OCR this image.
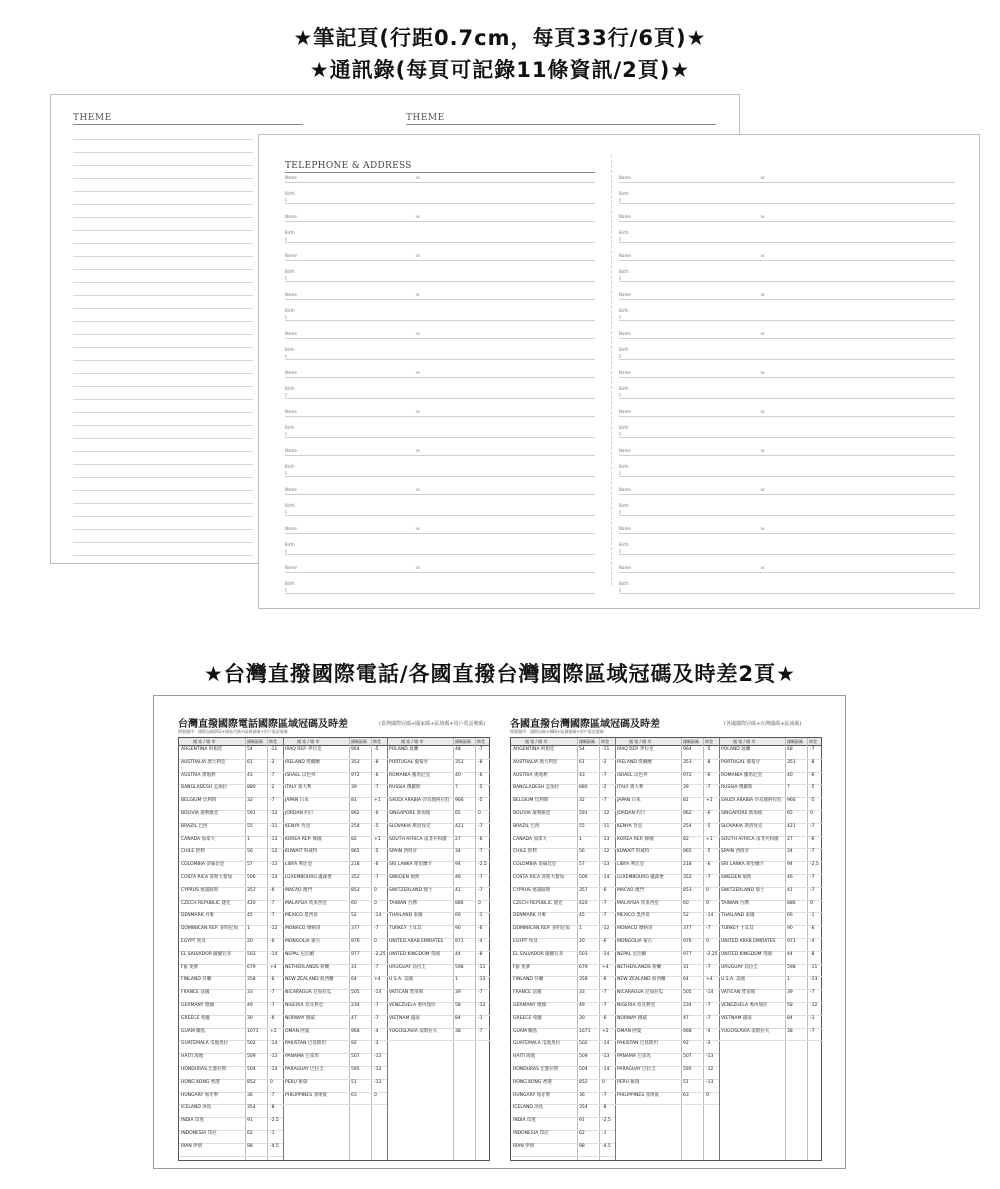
★筆記頁(行距0.7cm，每頁33行/6頁)★
★通訊錄(每頁可記錄11條資訊/2頁)★
★台灣直撥國際電話/各國直撥台灣國際區域冠碼及時差2頁★
THEME	THEME
TELEPHONE & ADDRESS
Name	☏
Birth
▯
Name	☏
Birth
▯
Name	☏
Birth
▯
Name	☏
Birth
▯
Name	☏
Birth
▯
Name	☏
Birth
▯
Name	☏
Birth
▯
Name	☏
Birth
▯
Name	☏
Birth
▯
Name	☏
Birth
▯
Name	☏
Birth
▯
Name	☏
Birth
▯
Name	☏
Birth
▯
Name	☏
Birth
▯
Name	☏
Birth
▯
Name	☏
Birth
▯
Name	☏
Birth
▯
Name	☏
Birth
▯
Name	☏
Birth
▯
Name	☏
Birth
▯
Name	☏
Birth
▯
Name	☏
Birth
▯
台灣直撥國際電話國際區域冠碼及時差	(臺灣國際冠碼+國家碼+區域碼+用戶電話號碼)
撥號順序：國際冠碼002+國家代碼+區域號碼+用戶電話號碼
各國直撥台灣國際區域冠碼及時差	(各國國際冠碼+台灣國碼+區域碼)
撥號順序：國際冠碼+886+區域號碼+用戶電話號碼
國 家 / 城 市	國碼區碼 時差	國 家 / 城 市	國碼區碼 時差	國 家 / 城 市	國碼區碼 時差
ARGENTINA 阿根廷	54	-11
AUSTRALIA 澳大利亞	61	-2
AUSTRIA 奧地利	43	-7
BANGLADESH 孟加拉	880	-2
BELGIUM 比利時	32	-7
BOLIVIA 玻利維亞	591	-12
BRAZIL 巴西	55	-11
CANADA 加拿大	1	-13
CHILE 智利	56	-12
COLOMBIA 哥倫比亞	57	-13
COSTA RICA 哥斯大黎加	506	-14
CYPRUS 塞浦路斯	357	-6
CZECH REPUBLIC 捷克	420	-7
DENMARK 丹麥	45	-7
DOMINICAN REP. 多明尼加 1	-12
EGYPT 埃及	20	-6
EL SALVADOR 薩爾瓦多	503	-14
FIJI 斐濟	679	+4
FINLAND 芬蘭	358	-6
FRANCE 法國	33	-7
GERMANY 德國	49	-7
GREECE 希臘	30	-6
GUAM 關島	1671	+2
GUATEMALA 瓜地馬拉	502	-14
HAITI 海地	509	-13
HONDURAS 宏都拉斯	504	-14
HONG KONG 香港	852	0
HUNGARY 匈牙利	36	-7
ICELAND 冰島	354	-8
INDIA 印度	91	-2.5
INDONESIA 印尼	62	-1
IRAN 伊朗	98	-4.5
IRAQ REP. 伊拉克	964	-5
IRELAND 愛爾蘭	353	-8
ISRAEL 以色列	972	-6
ITALY 義大利	39	-7
JAPAN 日本	81	+1
JORDAN 約旦	962	-6
KENYA 肯亞	254	-5
KOREA REP. 韓國	82	+1
KUWAIT 科威特	965	-5
LIBYA 利比亞	218	-6
LUXEMBOURG 盧森堡	352	-7
MACAO 澳門	853	0
MALAYSIA 馬來西亞	60	0
MEXICO 墨西哥	52	-14
MONACO 摩納哥	377	-7
MONGOLIA 蒙古	976	0
NEPAL 尼泊爾	977	-2.25
NETHERLANDS 荷蘭	31	-7
NEW ZEALAND 紐西蘭	64	+4
NICARAGUA 尼加拉瓜	505	-14
NIGERIA 奈及利亞	234	-7
NORWAY 挪威	47	-7
OMAN 阿曼	968	-4
PAKISTAN 巴基斯坦	92	-3
PANAMA 巴拿馬	507	-13
PARAGUAY 巴拉圭	595	-12
PERU 秘魯	51	-13
PHILIPPINES 菲律賓	63	0
POLAND 波蘭	48	-7
PORTUGAL 葡萄牙	351	-8
ROMANIA 羅馬尼亞	40	-6
RUSSIA 俄羅斯	7	-5
SAUDI ARABIA 沙烏地阿拉伯 966	-5
SINGAPORE 新加坡	65	0
SLOVAKIA 斯洛伐克	421	-7
SOUTH AFRICA 南非共和國 27	-6
SPAIN 西班牙	34	-7
SRI LANKA 斯里蘭卡	94	-2.5
SWEDEN 瑞典	46	-7
SWITZERLAND 瑞士	41	-7
TAIWAN 台灣	886	0
THAILAND 泰國	66	-1
TURKEY 土耳其	90	-6
UNITED ARAB EMIRATES	971	-4
UNITED KINGDOM 英國	44	-8
URUGUAY 烏拉圭	598	-11
U.S.A. 美國	1	-13
VATICAN 梵蒂岡	39	-7
VENEZUELA 委內瑞拉	58	-12
VIETNAM 越南	84	-1
YUGOSLAVIA 南斯拉夫	38	-7
國 家 / 城 市	國碼區碼 時差	國 家 / 城 市	國碼區碼 時差	國 家 / 城 市	國碼區碼 時差
ARGENTINA 阿根廷	54	-11
AUSTRALIA 澳大利亞	61	-2
AUSTRIA 奧地利	43	-7
BANGLADESH 孟加拉	880	-2
BELGIUM 比利時	32	-7
BOLIVIA 玻利維亞	591	-12
BRAZIL 巴西	55	-11
CANADA 加拿大	1	-13
CHILE 智利	56	-12
COLOMBIA 哥倫比亞	57	-13
COSTA RICA 哥斯大黎加	506	-14
CYPRUS 塞浦路斯	357	-6
CZECH REPUBLIC 捷克	420	-7
DENMARK 丹麥	45	-7
DOMINICAN REP. 多明尼加 1	-12
EGYPT 埃及	20	-6
EL SALVADOR 薩爾瓦多	503	-14
FIJI 斐濟	679	+4
FINLAND 芬蘭	358	-6
FRANCE 法國	33	-7
GERMANY 德國	49	-7
GREECE 希臘	30	-6
GUAM 關島	1671	+2
GUATEMALA 瓜地馬拉	502	-14
HAITI 海地	509	-13
HONDURAS 宏都拉斯	504	-14
HONG KONG 香港	852	0
HUNGARY 匈牙利	36	-7
ICELAND 冰島	354	-8
INDIA 印度	91	-2.5
INDONESIA 印尼	62	-1
IRAN 伊朗	98	-4.5
IRAQ REP. 伊拉克	964	-5
IRELAND 愛爾蘭	353	-8
ISRAEL 以色列	972	-6
ITALY 義大利	39	-7
JAPAN 日本	81	+1
JORDAN 約旦	962	-6
KENYA 肯亞	254	-5
KOREA REP. 韓國	82	+1
KUWAIT 科威特	965	-5
LIBYA 利比亞	218	-6
LUXEMBOURG 盧森堡	352	-7
MACAO 澳門	853	0
MALAYSIA 馬來西亞	60	0
MEXICO 墨西哥	52	-14
MONACO 摩納哥	377	-7
MONGOLIA 蒙古	976	0
NEPAL 尼泊爾	977	-2.25
NETHERLANDS 荷蘭	31	-7
NEW ZEALAND 紐西蘭	64	+4
NICARAGUA 尼加拉瓜	505	-14
NIGERIA 奈及利亞	234	-7
NORWAY 挪威	47	-7
OMAN 阿曼	968	-4
PAKISTAN 巴基斯坦	92	-3
PANAMA 巴拿馬	507	-13
PARAGUAY 巴拉圭	595	-12
PERU 秘魯	51	-13
PHILIPPINES 菲律賓	63	0
POLAND 波蘭	48	-7
PORTUGAL 葡萄牙	351	-8
ROMANIA 羅馬尼亞	40	-6
RUSSIA 俄羅斯	7	-5
SAUDI ARABIA 沙烏地阿拉伯 966	-5
SINGAPORE 新加坡	65	0
SLOVAKIA 斯洛伐克	421	-7
SOUTH AFRICA 南非共和國 27	-6
SPAIN 西班牙	34	-7
SRI LANKA 斯里蘭卡	94	-2.5
SWEDEN 瑞典	46	-7
SWITZERLAND 瑞士	41	-7
TAIWAN 台灣	886	0
THAILAND 泰國	66	-1
TURKEY 土耳其	90	-6
UNITED ARAB EMIRATES	971	-4
UNITED KINGDOM 英國	44	-8
URUGUAY 烏拉圭	598	-11
U.S.A. 美國	1	-13
VATICAN 梵蒂岡	39	-7
VENEZUELA 委內瑞拉	58	-12
VIETNAM 越南	84	-1
YUGOSLAVIA 南斯拉夫	38	-7
